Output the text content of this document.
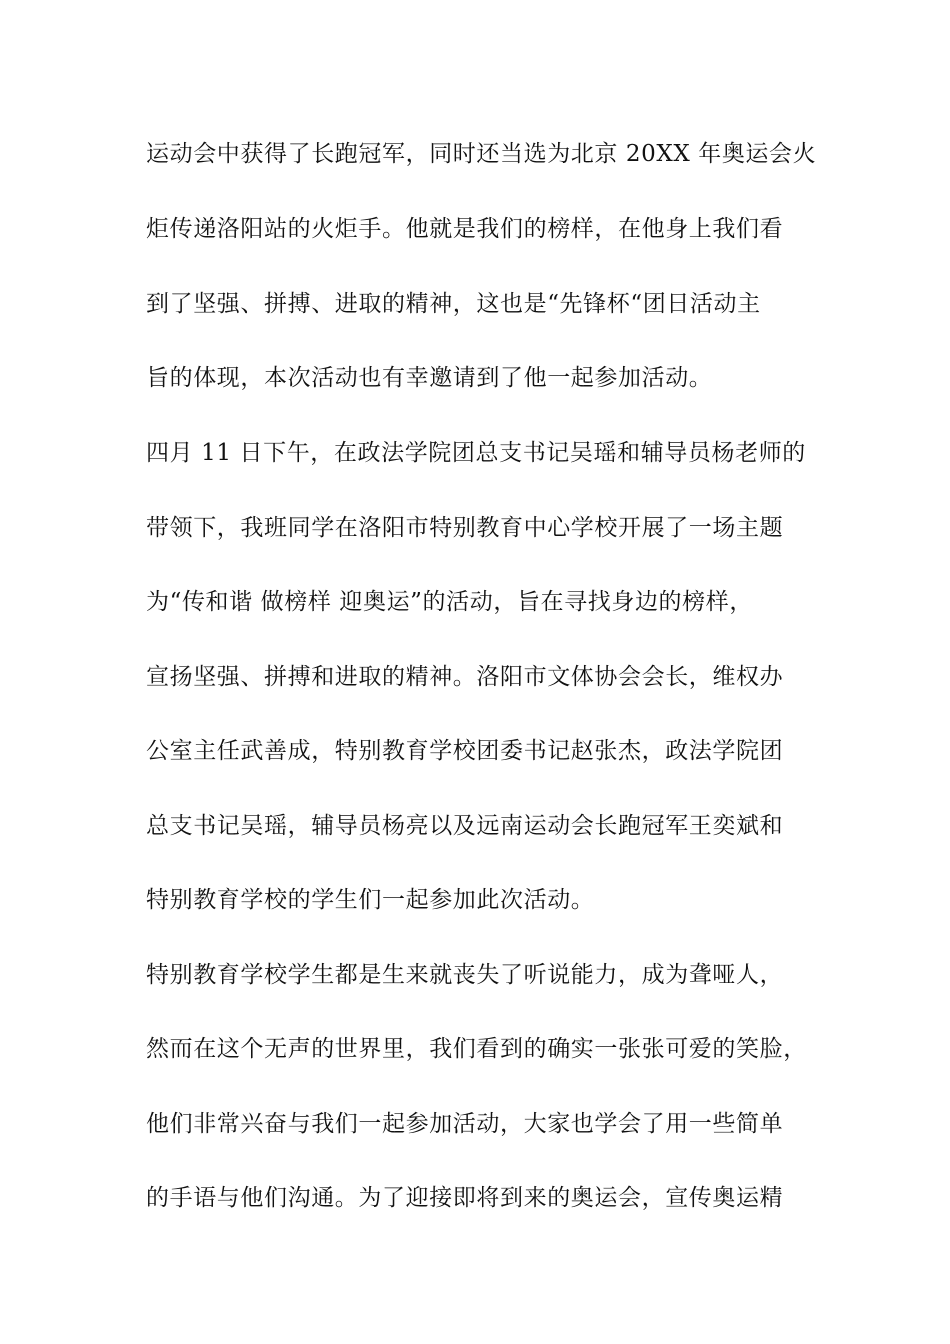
运动会中获得了长跑冠军，同时还当选为北京 20XX 年奥运会火
炬传递洛阳站的火炬手。他就是我们的榜样，在他身上我们看
到了坚强、拼搏、进取的精神，这也是“先锋杯“团日活动主
旨的体现，本次活动也有幸邀请到了他一起参加活动。
四月 11 日下午，在政法学院团总支书记吴瑶和辅导员杨老师的
带领下，我班同学在洛阳市特别教育中心学校开展了一场主题
为“传和谐 做榜样 迎奥运”的活动，旨在寻找身边的榜样，
宣扬坚强、拼搏和进取的精神。洛阳市文体协会会长，维权办
公室主任武善成，特别教育学校团委书记赵张杰，政法学院团
总支书记吴瑶，辅导员杨亮以及远南运动会长跑冠军王奕斌和
特别教育学校的学生们一起参加此次活动。
特别教育学校学生都是生来就丧失了听说能力，成为聋哑人，
然而在这个无声的世界里，我们看到的确实一张张可爱的笑脸，
他们非常兴奋与我们一起参加活动，大家也学会了用一些简单
的手语与他们沟通。为了迎接即将到来的奥运会，宣传奥运精
